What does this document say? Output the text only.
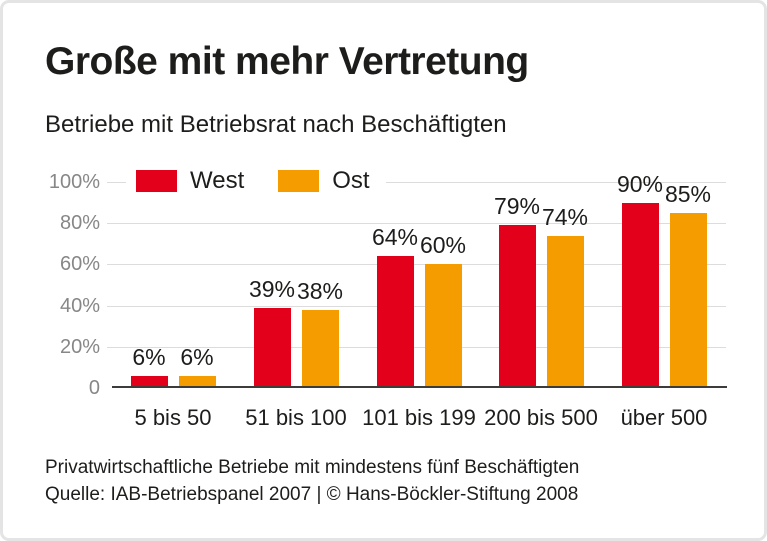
Große mit mehr Vertretung
Betriebe mit Betriebsrat nach Beschäftigten
0
20%
40%
60%
80%
100%
6%
39%
64%
79%
90%
6%
38%
60%
74%
85%
5 bis 50	51 bis 100 101 bis 199 200 bis 500	über 500
West	Ost
Privatwirtschaftliche Betriebe mit mindestens fünf Beschäftigten
Quelle: IAB-Betriebspanel 2007 | © Hans-Böckler-Stiftung 2008
